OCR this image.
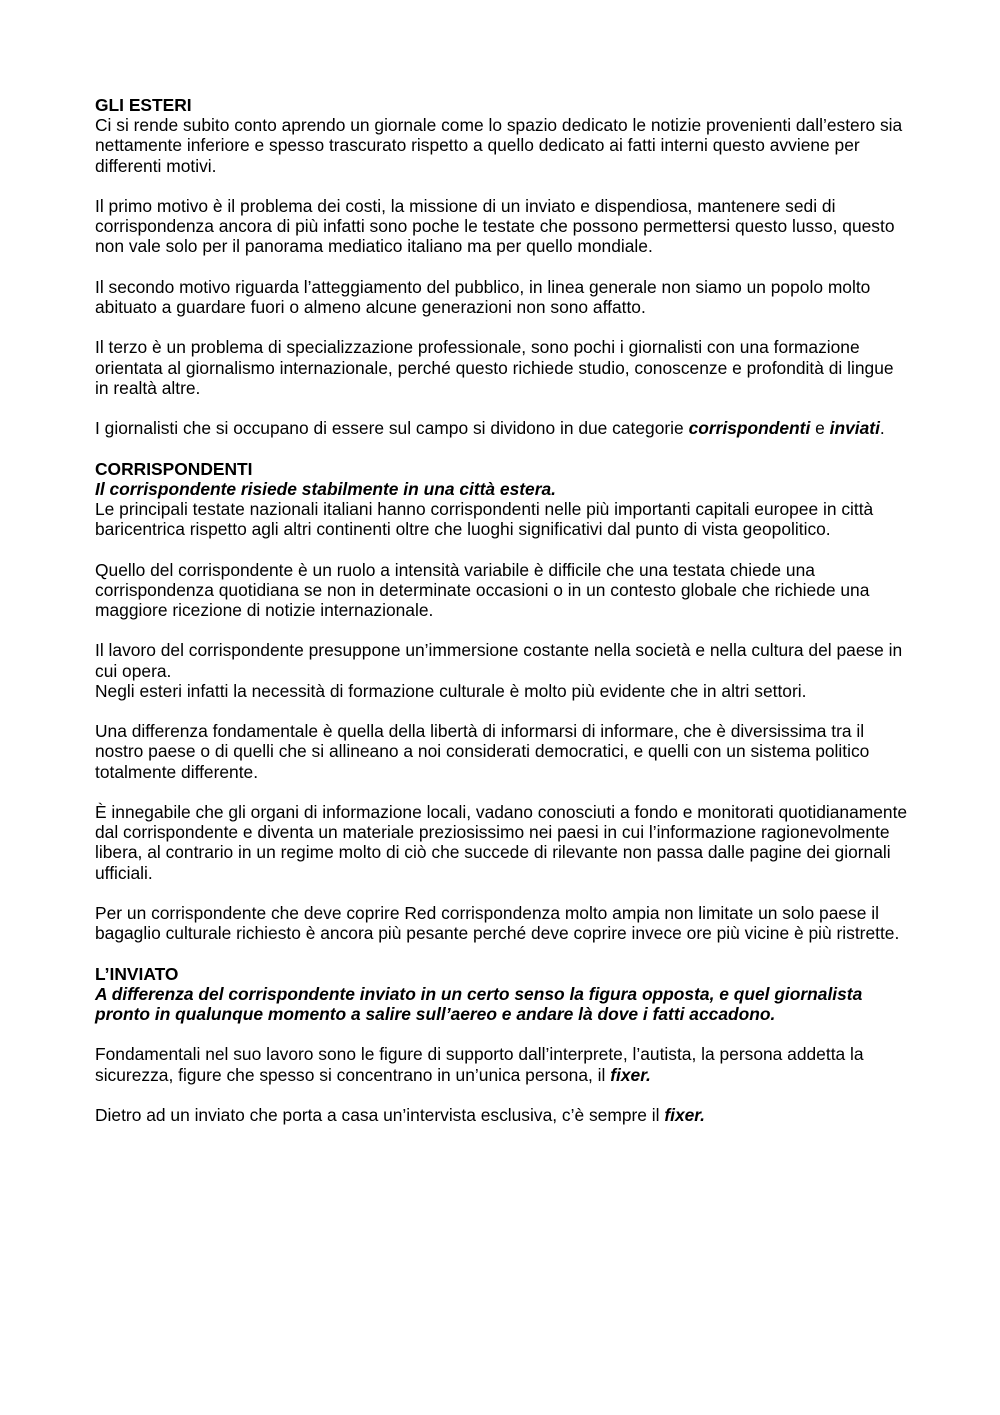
GLI ESTERI

Ci si rende subito conto aprendo un giornale come lo spazio dedicato le notizie provenienti dall’estero sia nettamente inferiore e spesso trascurato rispetto a quello dedicato ai fatti interni questo avviene per differenti motivi.

Il primo motivo è il problema dei costi, la missione di un inviato e dispendiosa, mantenere sedi di corrispondenza ancora di più infatti sono poche le testate che possono permettersi questo lusso, questo non vale solo per il panorama mediatico italiano ma per quello mondiale.

Il secondo motivo riguarda l’atteggiamento del pubblico, in linea generale non siamo un popolo molto abituato a guardare fuori o almeno alcune generazioni non sono affatto.

Il terzo è un problema di specializzazione professionale, sono pochi i giornalisti con una formazione orientata al giornalismo internazionale, perché questo richiede studio, conoscenze e profondità di lingue in realtà altre.

I giornalisti che si occupano di essere sul campo si dividono in due categorie corrispondenti e inviati.

CORRISPONDENTI
Il corrispondente risiede stabilmente in una città estera.

Le principali testate nazionali italiani hanno corrispondenti nelle più importanti capitali europee in città baricentrica rispetto agli altri continenti oltre che luoghi significativi dal punto di vista geopolitico.

Quello del corrispondente è un ruolo a intensità variabile è difficile che una testata chiede una corrispondenza quotidiana se non in determinate occasioni o in un contesto globale che richiede una maggiore ricezione di notizie internazionale.

Il lavoro del corrispondente presuppone un’immersione costante nella società e nella cultura del paese in cui opera.

Negli esteri infatti la necessità di formazione culturale è molto più evidente che in altri settori.

Una differenza fondamentale è quella della libertà di informarsi di informare, che è diversissima tra il nostro paese o di quelli che si allineano a noi considerati democratici, e quelli con un sistema politico totalmente differente.

È innegabile che gli organi di informazione locali, vadano conosciuti a fondo e monitorati quotidianamente dal corrispondente e diventa un materiale preziosissimo nei paesi in cui l’informazione ragionevolmente libera, al contrario in un regime molto di ciò che succede di rilevante non passa dalle pagine dei giornali ufficiali.

Per un corrispondente che deve coprire Red corrispondenza molto ampia non limitate un solo paese il bagaglio culturale richiesto è ancora più pesante perché deve coprire invece ore più vicine è più ristrette.

L’INVIATO
A differenza del corrispondente inviato in un certo senso la figura opposta, e quel giornalista pronto in qualunque momento a salire sull’aereo e andare là dove i fatti accadono.

Fondamentali nel suo lavoro sono le figure di supporto dall’interprete, l’autista, la persona addetta la sicurezza, figure che spesso si concentrano in un’unica persona, il fixer.

Dietro ad un inviato che porta a casa un’intervista esclusiva, c’è sempre il fixer.
